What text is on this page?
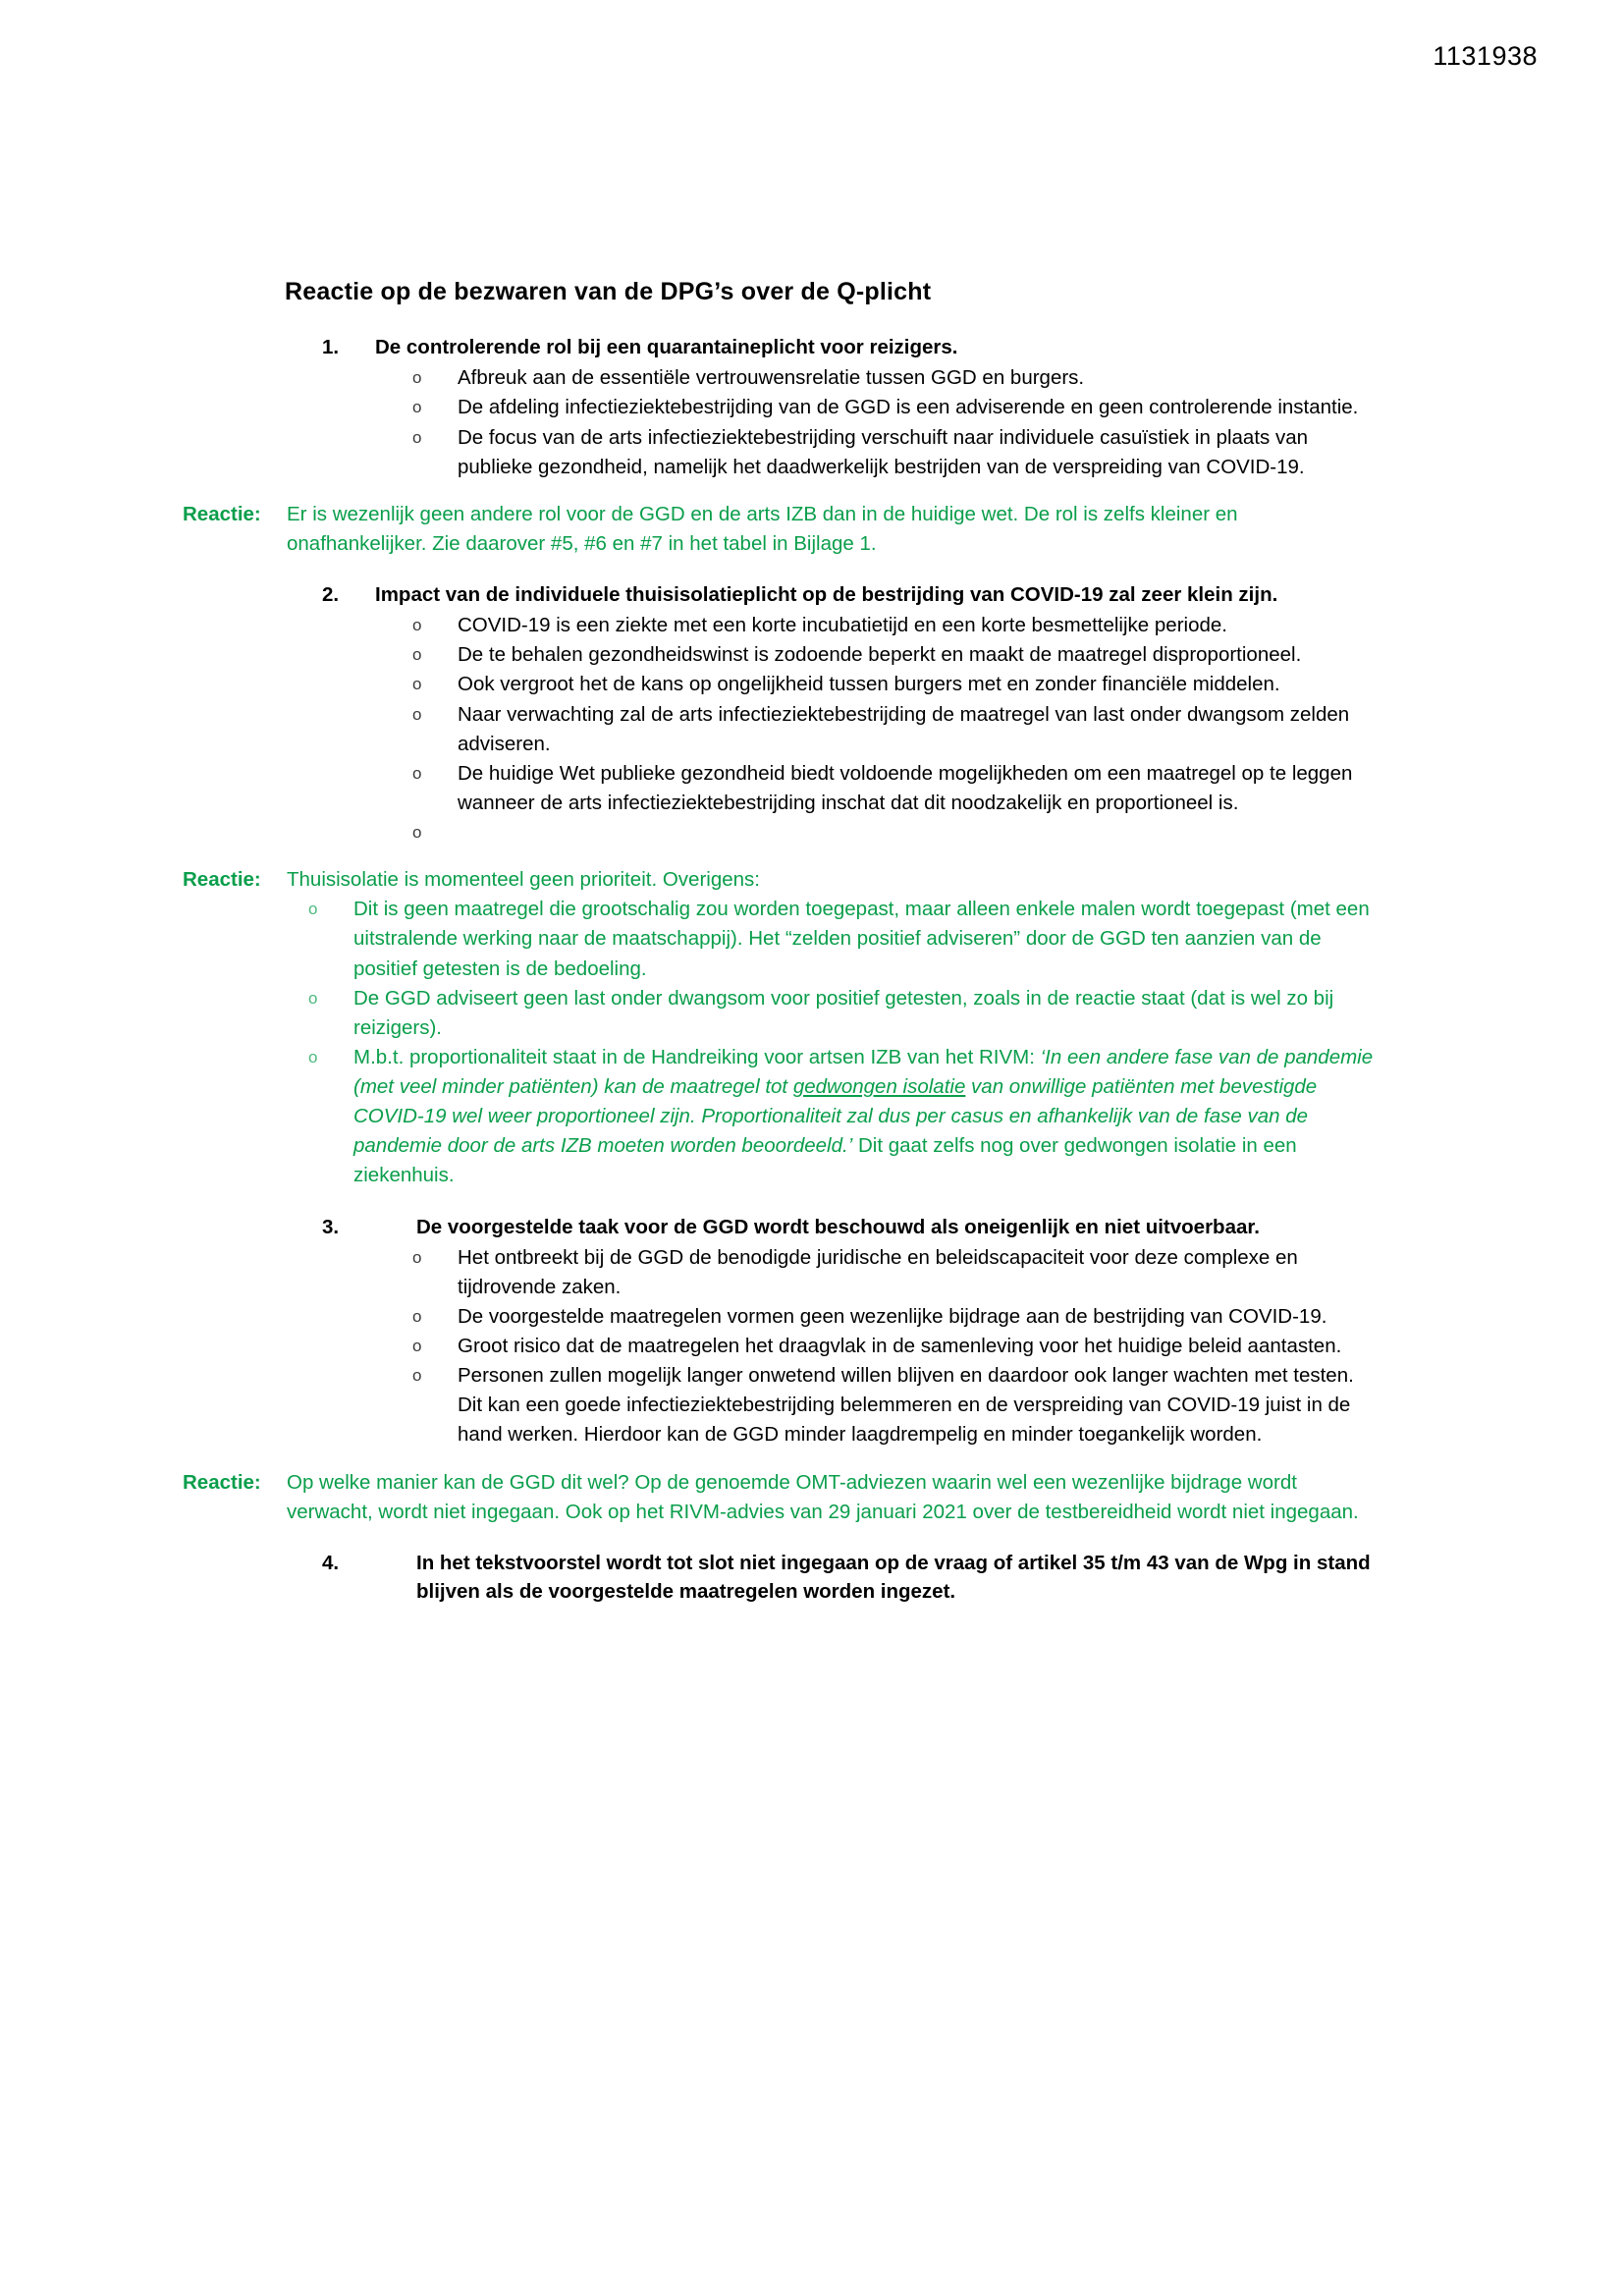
1131938
Reactie op de bezwaren van de DPG’s over de Q-plicht
1.	De controlerende rol bij een quarantaineplicht voor reizigers.
o	Afbreuk aan de essentiële vertrouwensrelatie tussen GGD en burgers.
o	De afdeling infectieziektebestrijding van de GGD is een adviserende en geen controlerende instantie.
o	De focus van de arts infectieziektebestrijding verschuift naar individuele casuïstiek in plaats van publieke gezondheid, namelijk het daadwerkelijk bestrijden van de verspreiding van COVID-19.
Reactie:	Er is wezenlijk geen andere rol voor de GGD en de arts IZB dan in de huidige wet. De rol is zelfs kleiner en onafhankelijker. Zie daarover #5, #6 en #7 in het tabel in Bijlage 1.
2.	Impact van de individuele thuisisolatieplicht op de bestrijding van COVID-19 zal zeer klein zijn.
o	COVID-19 is een ziekte met een korte incubatietijd en een korte besmettelijke periode.
o	De te behalen gezondheidswinst is zodoende beperkt en maakt de maatregel disproportioneel.
o	Ook vergroot het de kans op ongelijkheid tussen burgers met en zonder financiële middelen.
o	Naar verwachting zal de arts infectieziektebestrijding de maatregel van last onder dwangsom zelden adviseren.
o	De huidige Wet publieke gezondheid biedt voldoende mogelijkheden om een maatregel op te leggen wanneer de arts infectieziektebestrijding inschat dat dit noodzakelijk en proportioneel is.
o

Reactie:	Thuisisolatie is momenteel geen prioriteit. Overigens:
o	Dit is geen maatregel die grootschalig zou worden toegepast, maar alleen enkele malen wordt toegepast (met een uitstralende werking naar de maatschappij). Het “zelden positief adviseren” door de GGD ten aanzien van de positief getesten is de bedoeling.
o	De GGD adviseert geen last onder dwangsom voor positief getesten, zoals in de reactie staat (dat is wel zo bij reizigers).
o	M.b.t. proportionaliteit staat in de Handreiking voor artsen IZB van het RIVM: ‘In een andere fase van de pandemie (met veel minder patiënten) kan de maatregel tot gedwongen isolatie van onwillige patiënten met bevestigde COVID-19 wel weer proportioneel zijn. Proportionaliteit zal dus per casus en afhankelijk van de fase van de pandemie door de arts IZB moeten worden beoordeeld.’ Dit gaat zelfs nog over gedwongen isolatie in een ziekenhuis.
3.	De voorgestelde taak voor de GGD wordt beschouwd als oneigenlijk en niet uitvoerbaar.
o	Het ontbreekt bij de GGD de benodigde juridische en beleidscapaciteit voor deze complexe en tijdrovende zaken.
o	De voorgestelde maatregelen vormen geen wezenlijke bijdrage aan de bestrijding van COVID-19.
o	Groot risico dat de maatregelen het draagvlak in de samenleving voor het huidige beleid aantasten.
o	Personen zullen mogelijk langer onwetend willen blijven en daardoor ook langer wachten met testen. Dit kan een goede infectieziektebestrijding belemmeren en de verspreiding van COVID-19 juist in de hand werken. Hierdoor kan de GGD minder laagdrempelig en minder toegankelijk worden.
Reactie:	Op welke manier kan de GGD dit wel? Op de genoemde OMT-adviezen waarin wel een wezenlijke bijdrage wordt verwacht, wordt niet ingegaan. Ook op het RIVM-advies van 29 januari 2021 over de testbereidheid wordt niet ingegaan.
4.	In het tekstvoorstel wordt tot slot niet ingegaan op de vraag of artikel 35 t/m 43 van de Wpg in stand blijven als de voorgestelde maatregelen worden ingezet.
